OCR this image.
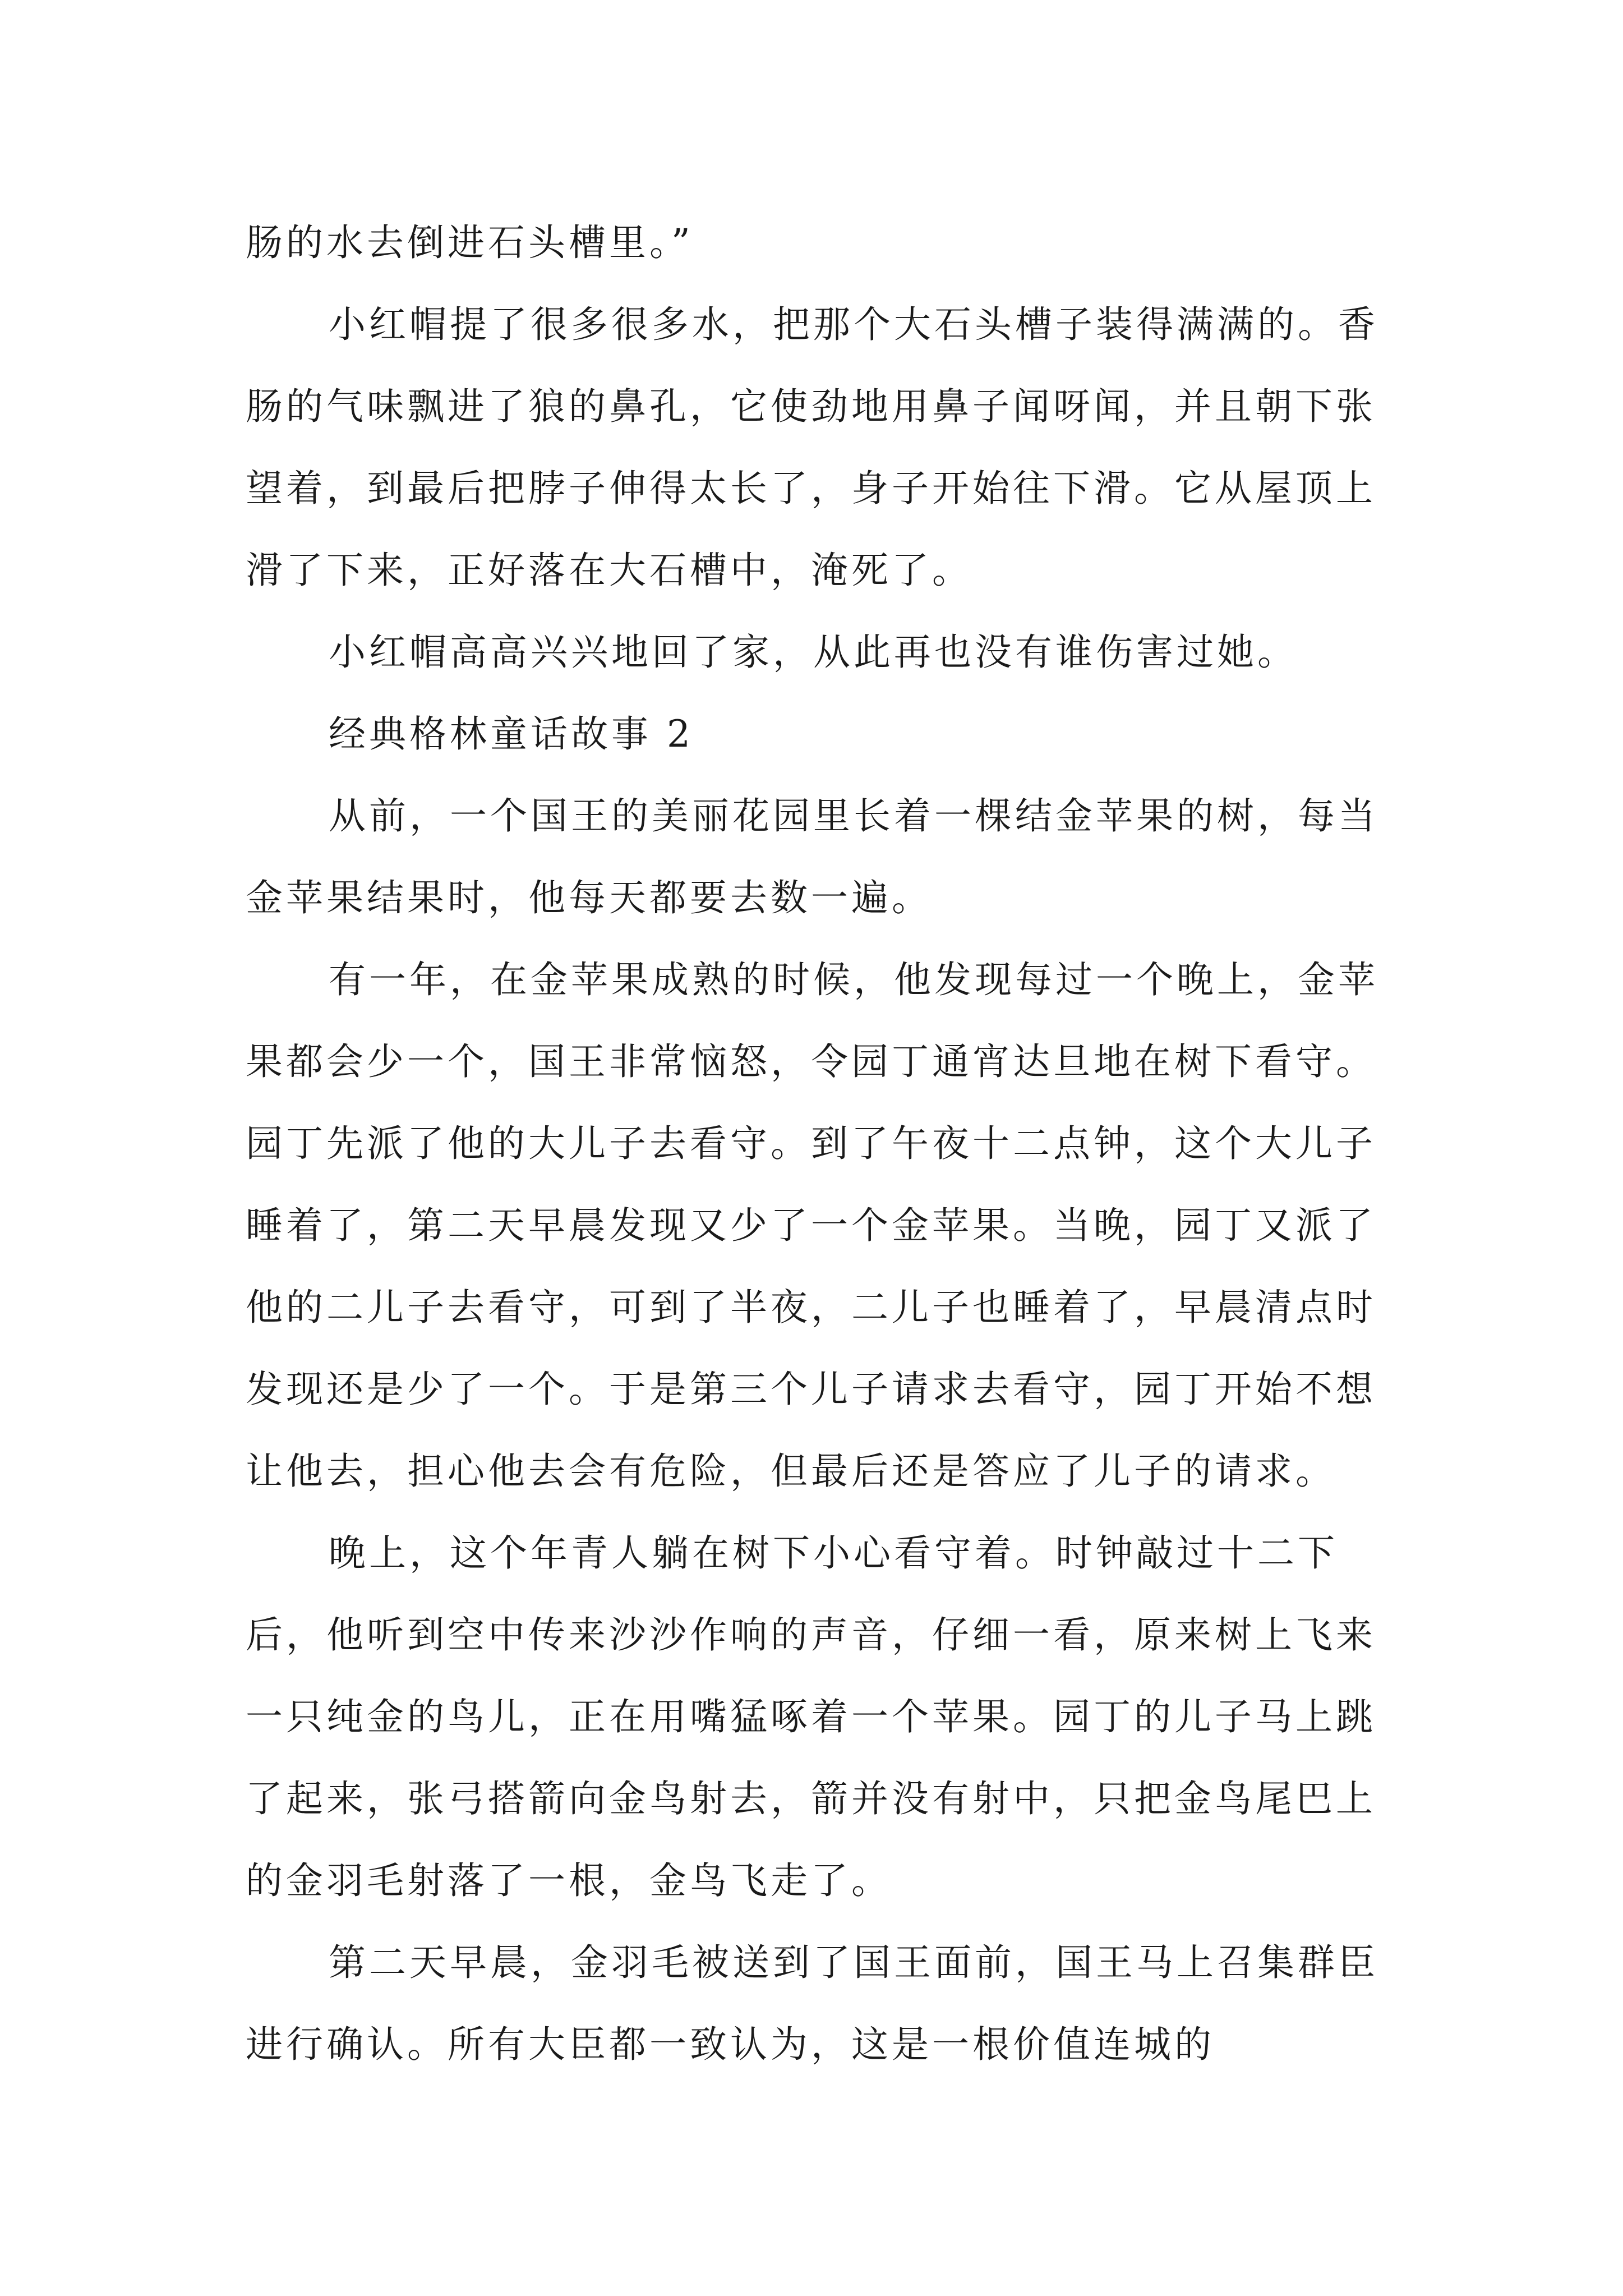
肠的水去倒进石头槽里。”

小红帽提了很多很多水，把那个大石头槽子装得满满的。香肠的气味飘进了狼的鼻孔，它使劲地用鼻子闻呀闻，并且朝下张望着，到最后把脖子伸得太长了，身子开始往下滑。它从屋顶上滑了下来，正好落在大石槽中，淹死了。

小红帽高高兴兴地回了家，从此再也没有谁伤害过她。

经典格林童话故事 2

从前，一个国王的美丽花园里长着一棵结金苹果的树，每当金苹果结果时，他每天都要去数一遍。

有一年，在金苹果成熟的时候，他发现每过一个晚上，金苹果都会少一个，国王非常恼怒，令园丁通宵达旦地在树下看守。园丁先派了他的大儿子去看守。到了午夜十二点钟，这个大儿子睡着了，第二天早晨发现又少了一个金苹果。当晚，园丁又派了他的二儿子去看守，可到了半夜，二儿子也睡着了，早晨清点时发现还是少了一个。于是第三个儿子请求去看守，园丁开始不想让他去，担心他去会有危险，但最后还是答应了儿子的请求。

晚上，这个年青人躺在树下小心看守着。时钟敲过十二下后，他听到空中传来沙沙作响的声音，仔细一看，原来树上飞来一只纯金的鸟儿，正在用嘴猛啄着一个苹果。园丁的儿子马上跳了起来，张弓搭箭向金鸟射去，箭并没有射中，只把金鸟尾巴上的金羽毛射落了一根，金鸟飞走了。

第二天早晨，金羽毛被送到了国王面前，国王马上召集群臣进行确认。所有大臣都一致认为，这是一根价值连城的
